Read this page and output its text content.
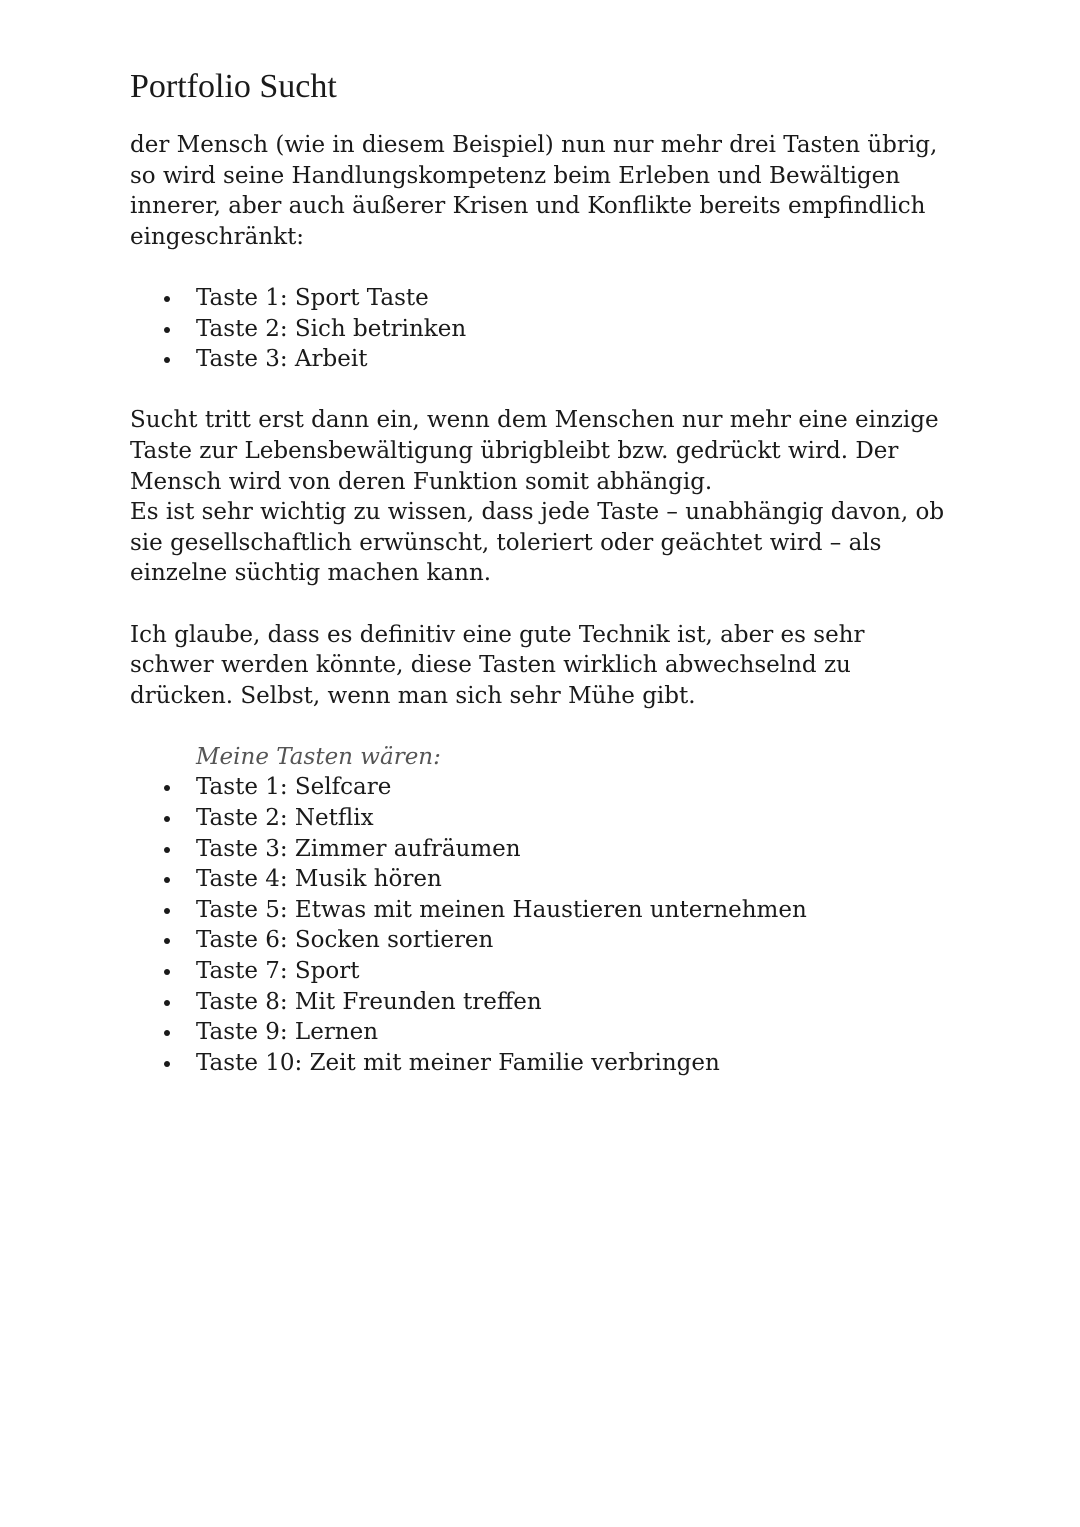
Portfolio Sucht

der Mensch (wie in diesem Beispiel) nun nur mehr drei Tasten übrig,
so wird seine Handlungskompetenz beim Erleben und Bewältigen
innerer, aber auch äußerer Krisen und Konflikte bereits empfindlich
eingeschränkt:

Taste 1: Sport Taste
Taste 2: Sich betrinken
Taste 3: Arbeit

Sucht tritt erst dann ein, wenn dem Menschen nur mehr eine einzige
Taste zur Lebensbewältigung übrigbleibt bzw. gedrückt wird. Der
Mensch wird von deren Funktion somit abhängig.
Es ist sehr wichtig zu wissen, dass jede Taste – unabhängig davon, ob
sie gesellschaftlich erwünscht, toleriert oder geächtet wird – als
einzelne süchtig machen kann.

Ich glaube, dass es definitiv eine gute Technik ist, aber es sehr
schwer werden könnte, diese Tasten wirklich abwechselnd zu
drücken. Selbst, wenn man sich sehr Mühe gibt.

Meine Tasten wären:

Taste 1: Selfcare
Taste 2: Netflix
Taste 3: Zimmer aufräumen
Taste 4: Musik hören
Taste 5: Etwas mit meinen Haustieren unternehmen
Taste 6: Socken sortieren
Taste 7: Sport
Taste 8: Mit Freunden treffen
Taste 9: Lernen
Taste 10: Zeit mit meiner Familie verbringen
